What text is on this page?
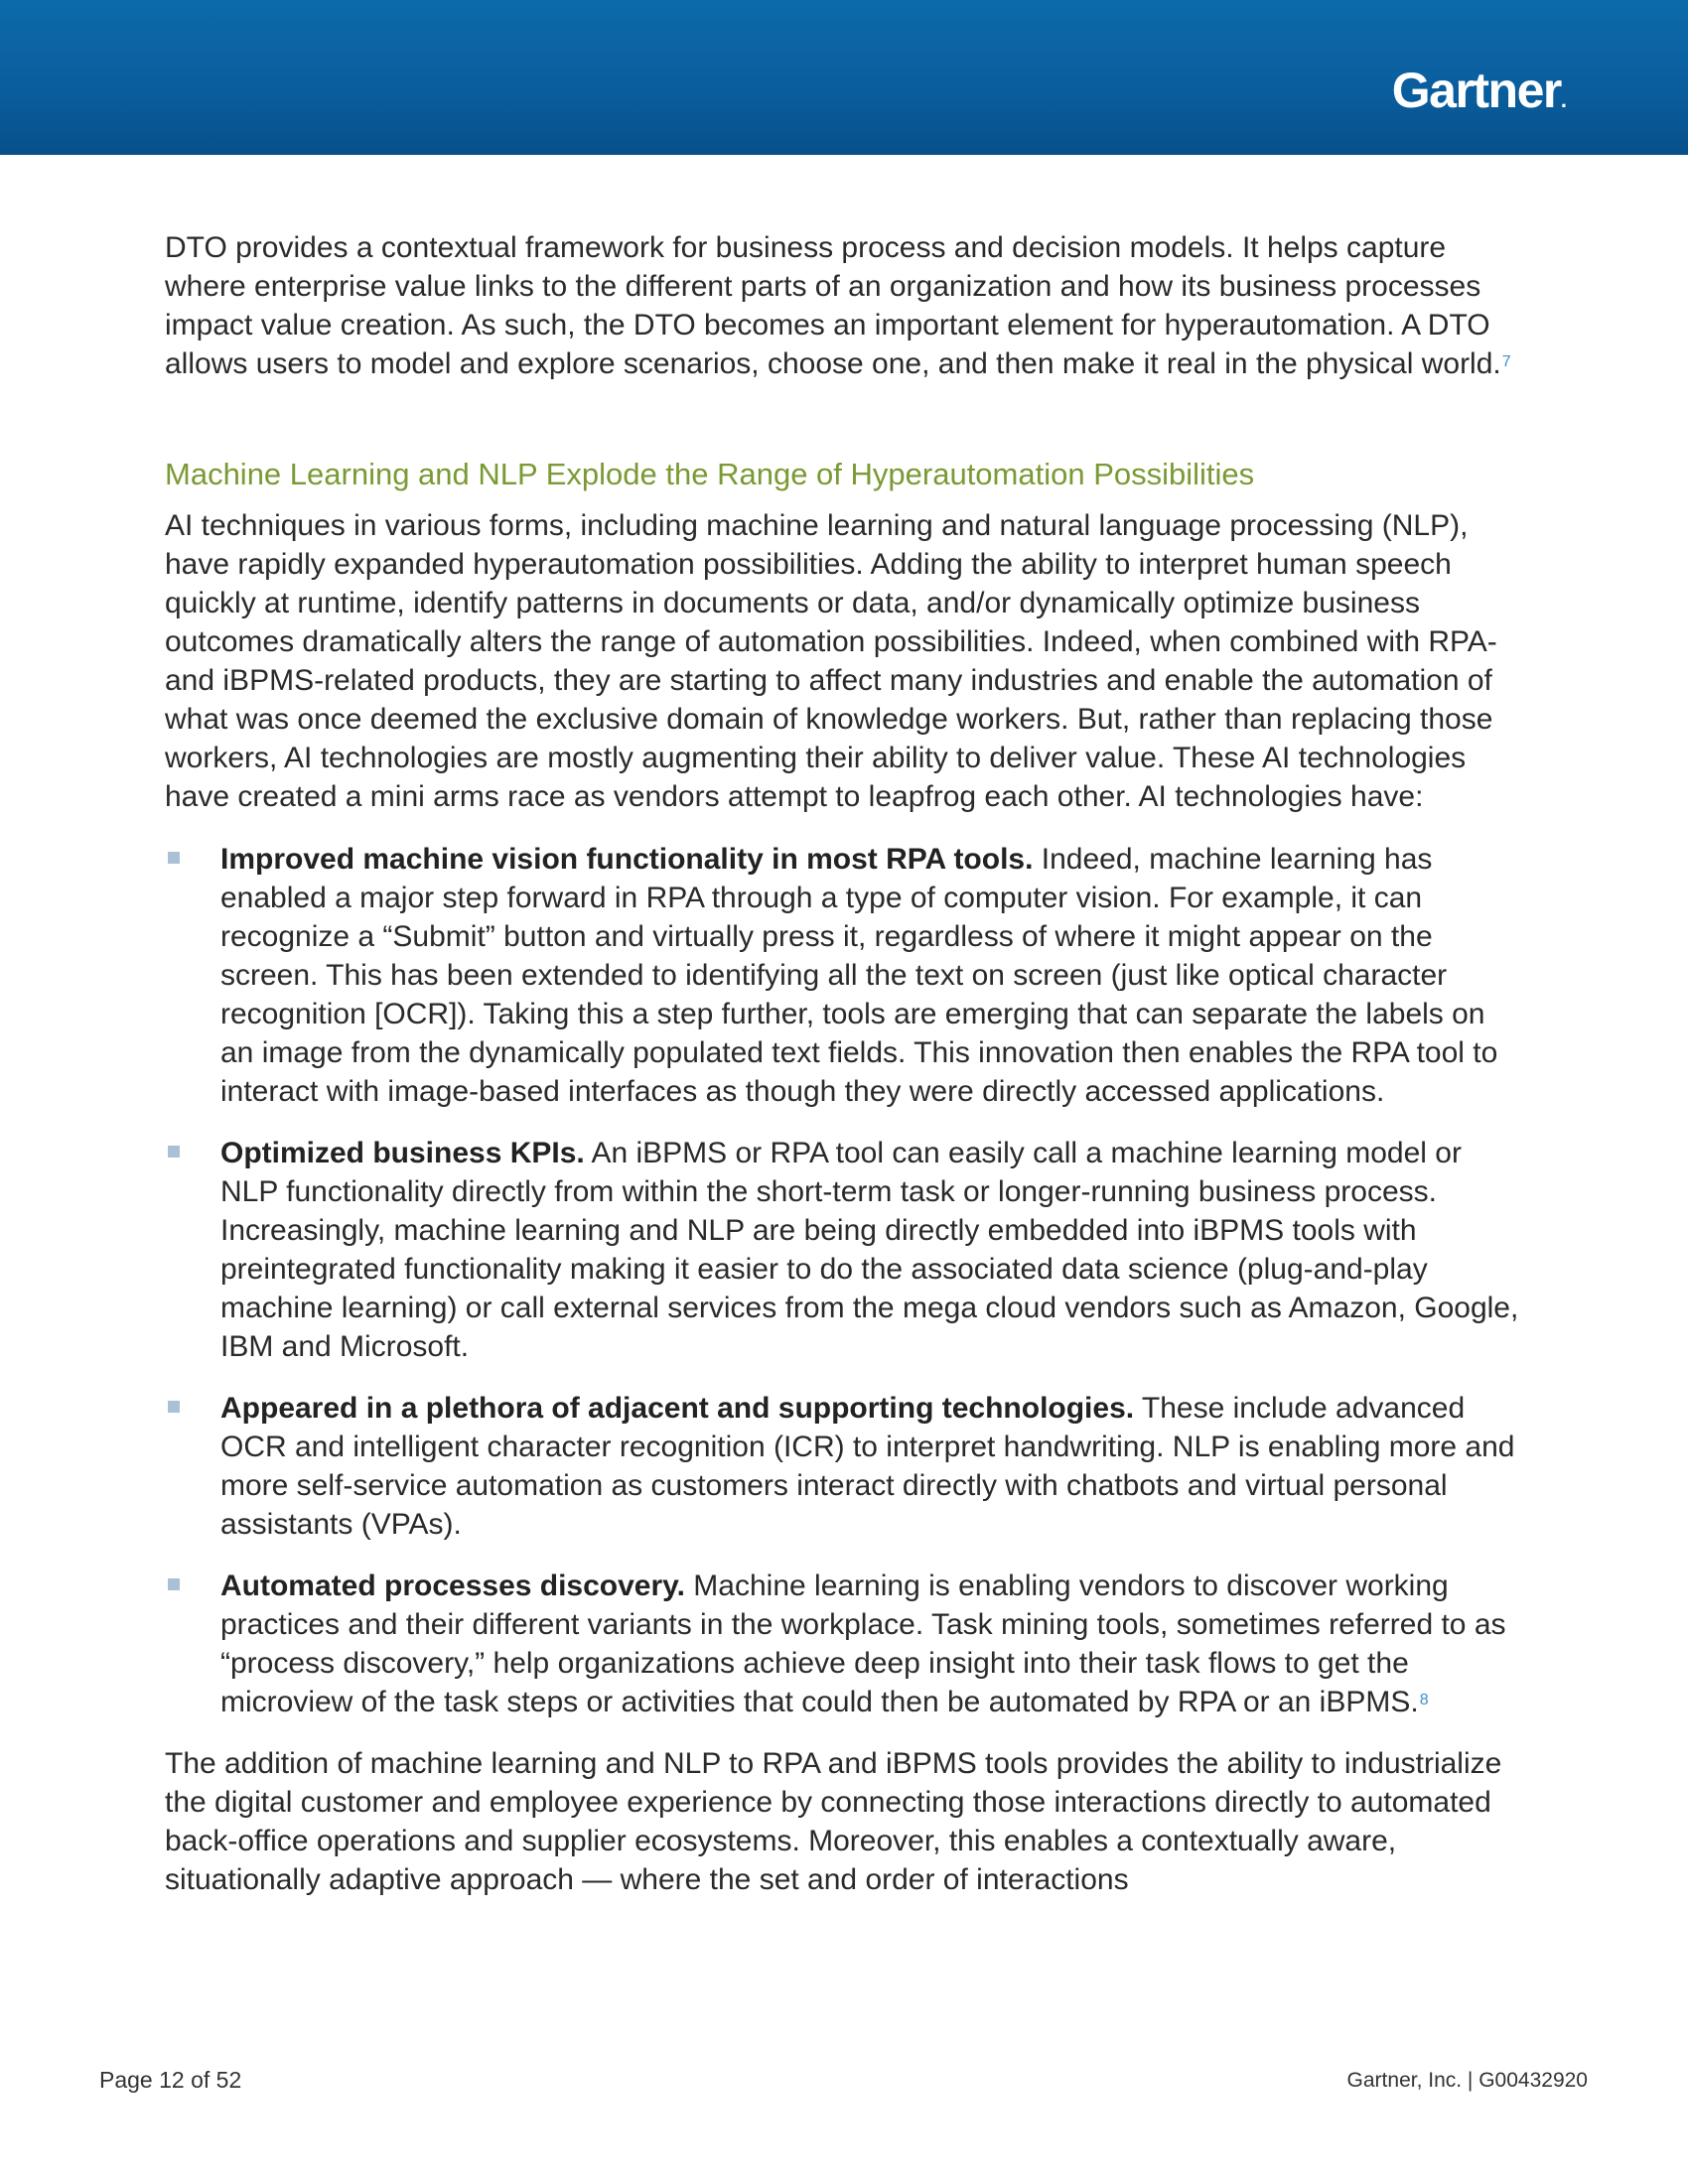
Gartner.

DTO provides a contextual framework for business process and decision models. It helps capture where enterprise value links to the different parts of an organization and how its business processes impact value creation. As such, the DTO becomes an important element for hyperautomation. A DTO allows users to model and explore scenarios, choose one, and then make it real in the physical world.$^7$

Machine Learning and NLP Explode the Range of Hyperautomation Possibilities

AI techniques in various forms, including machine learning and natural language processing (NLP), have rapidly expanded hyperautomation possibilities. Adding the ability to interpret human speech quickly at runtime, identify patterns in documents or data, and/or dynamically optimize business outcomes dramatically alters the range of automation possibilities. Indeed, when combined with RPA- and iBPMS-related products, they are starting to affect many industries and enable the automation of what was once deemed the exclusive domain of knowledge workers. But, rather than replacing those workers, AI technologies are mostly augmenting their ability to deliver value. These AI technologies have created a mini arms race as vendors attempt to leapfrog each other. AI technologies have:

Improved machine vision functionality in most RPA tools. Indeed, machine learning has enabled a major step forward in RPA through a type of computer vision. For example, it can recognize a “Submit” button and virtually press it, regardless of where it might appear on the screen. This has been extended to identifying all the text on screen (just like optical character recognition [OCR]). Taking this a step further, tools are emerging that can separate the labels on an image from the dynamically populated text fields. This innovation then enables the RPA tool to interact with image-based interfaces as though they were directly accessed applications.
Optimized business KPIs. An iBPMS or RPA tool can easily call a machine learning model or NLP functionality directly from within the short-term task or longer-running business process. Increasingly, machine learning and NLP are being directly embedded into iBPMS tools with preintegrated functionality making it easier to do the associated data science (plug-and-play machine learning) or call external services from the mega cloud vendors such as Amazon, Google, IBM and Microsoft.
Appeared in a plethora of adjacent and supporting technologies. These include advanced OCR and intelligent character recognition (ICR) to interpret handwriting. NLP is enabling more and more self-service automation as customers interact directly with chatbots and virtual personal assistants (VPAs).
Automated processes discovery. Machine learning is enabling vendors to discover working practices and their different variants in the workplace. Task mining tools, sometimes referred to as “process discovery,” help organizations achieve deep insight into their task flows to get the microview of the task steps or activities that could then be automated by RPA or an iBPMS.$^8$

The addition of machine learning and NLP to RPA and iBPMS tools provides the ability to industrialize the digital customer and employee experience by connecting those interactions directly to automated back-office operations and supplier ecosystems. Moreover, this enables a contextually aware, situationally adaptive approach — where the set and order of interactions

Page 12 of 52	Gartner, Inc. | G00432920
